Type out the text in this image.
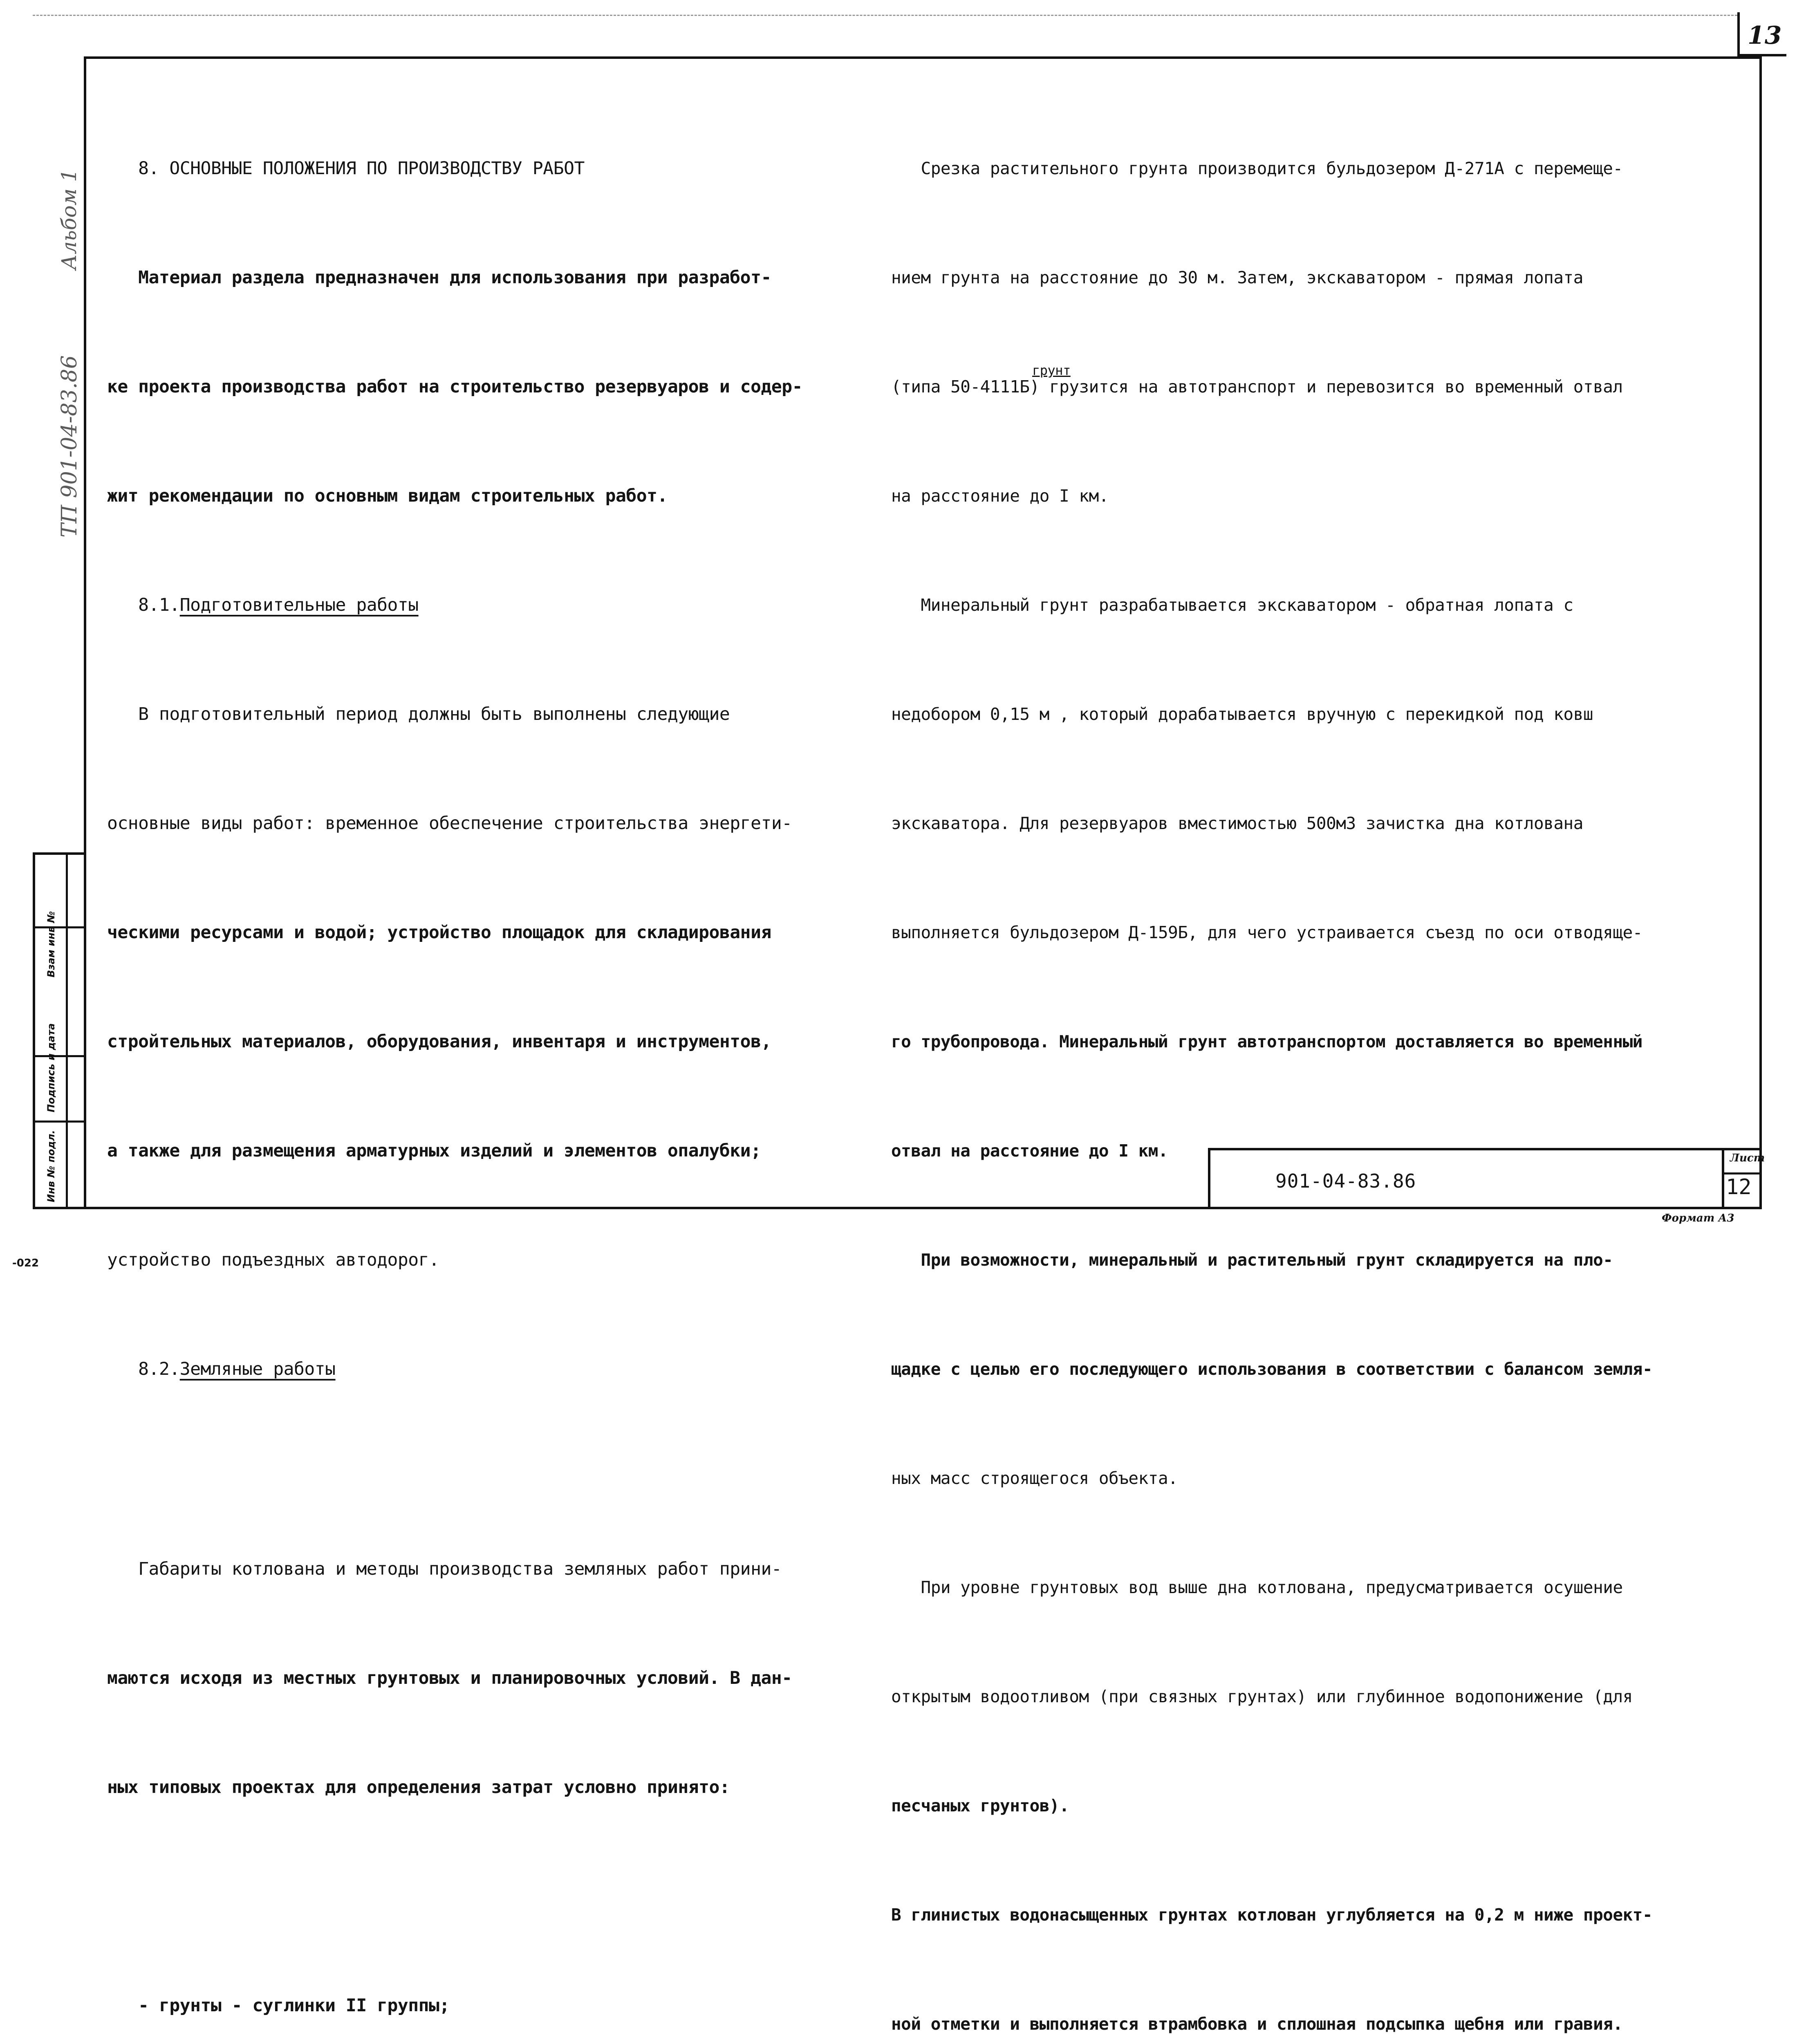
13
Альбом 1
ТП 901-04-83.86
Взам инв №
Подпись и дата
Инв № подл.

8. ОСНОВНЫЕ ПОЛОЖЕНИЯ ПО ПРОИЗВОДСТВУ РАБОТ

Материал раздела предназначен для использования при разработ-

ке проекта производства работ на строительство резервуаров и содер-

жит рекомендации по основным видам строительных работ.

8.1.Подготовительные работы

В подготовительный период должны быть выполнены следующие

основные виды работ: временное обеспечение строительства энергети-

ческими ресурсами и водой; устройство площадок для складирования

стройтельных материалов, оборудования, инвентаря и инструментов,

а также для размещения арматурных изделий и элементов опалубки;

устройство подъездных автодорог.

8.2.Земляные работы

Габариты котлована и методы производства земляных работ прини-

маются исходя из местных грунтовых и планировочных условий. В дан-

ных типовых проектах для определения затрат условно принято:

- грунты - суглинки II группы;

Срезка растительного грунта производится бульдозером Д-271А с перемеще-

нием грунта на расстояние до 30 м. Затем, экскаватором - прямая лопата

грунт
(типа 50-4111Б) грузится на автотранспорт и перевозится во временный отвал

на расстояние до I км.

Минеральный грунт разрабатывается экскаватором - обратная лопата с

недобором 0,15 м , который дорабатывается вручную с перекидкой под ковш

экскаватора. Для резервуаров вместимостью 500м3 зачистка дна котлована

выполняется бульдозером Д-159Б, для чего устраивается съезд по оси отводяще-

го трубопровода. Минеральный грунт автотранспортом доставляется во временный

отвал на расстояние до I км.

При возможности, минеральный и растительный грунт складируется на пло-

щадке с целью его последующего использования в соответствии с балансом земля-

ных масс строящегося объекта.

При уровне грунтовых вод выше дна котлована, предусматривается осушение

открытым водоотливом (при связных грунтах) или глубинное водопонижение (для

песчаных грунтов).

В глинистых водонасыщенных грунтах котлован углубляется на 0,2 м ниже проект-

ной отметки и выполняется втрамбовка и сплошная подсыпка щебня или гравия.

901-04-83.86
Лист
12
Формат А3
-022
